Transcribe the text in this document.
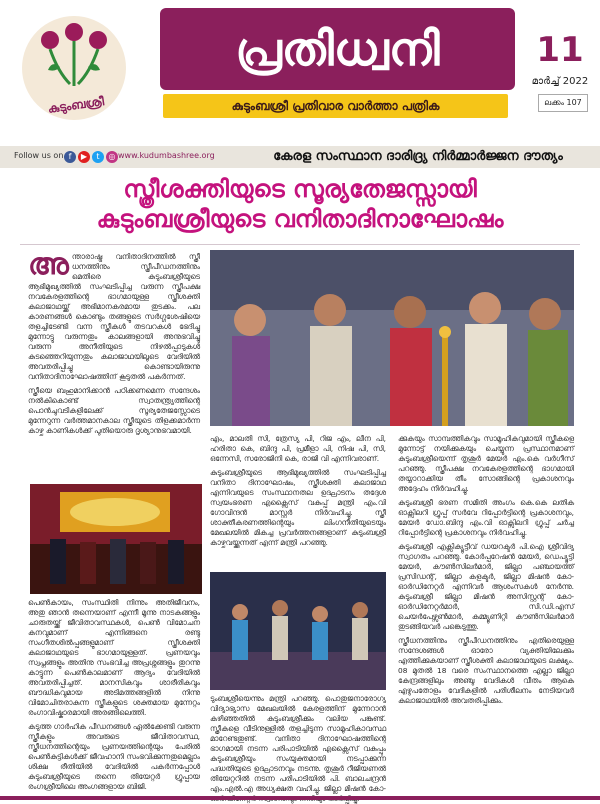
കുടുംബശ്രീ
പ്രതിധ്വനി
കുടുംബശ്രീ പ്രതിവാര വാർത്താ പത്രിക
11
മാർച്ച് 2022
ലക്കം 107
Follow us on f	▶	t	◎ www.kudumbashree.org	കേരള സംസ്ഥാന ദാരിദ്ര്യ നിർമ്മാർജ്ജന ദൗത്യം
സ്ത്രീശക്തിയുടെ സൂര്യതേജസ്സായി
കുടുംബശ്രീയുടെ വനിതാദിനാഘോഷം
അ ന്താരാഷ്ട്ര വനിതാദിനത്തിൽ സ്ത്രീ ധനത്തിനും സ്ത്രീപീഡനത്തിനും മെതിരെ കുടുംബശ്രീയുടെ ആഭിമുഖ്യത്തിൽ സംഘടിപ്പിച്ച വരുന്ന സ്ത്രീപക്ഷ നവകേരളത്തിന്റെ ഭാഗമായുള്ള സ്ത്രീശക്തി കലാജാഥയ്ക്ക് അഭിമാനകരമായ തുടക്കം. പല കാരണങ്ങൾ കൊണ്ടും തങ്ങളുടെ സർഗ്ഗശേഷിയെ തളച്ചിടേണ്ടി വന്ന സ്ത്രീകൾ തടവറകൾ ഭേദിച്ചു മുന്നോട്ടു വരുന്നതും കാലങ്ങളായി അനുഭവിച്ചു വരുന്ന അനീതിയുടെ നിഴൽപ്പാടുകൾ കുടഞ്ഞെറിയുന്നതും കലാജാഥയിലൂടെ വേദിയിൽ അവതരിപ്പിച്ചു കൊണ്ടായിരുന്നു വനിതാദിനാഘോഷത്തിന് കൂടുതൽ പകർന്നത്.

സ്ത്രീയെ ബഹുമാനിക്കാൻ പഠിക്കണമെന്ന സന്ദേശം നൽകികൊണ്ട് സ്വാതന്ത്ര്യത്തിന്റെ പൊൻചുവടികളിലേക്ക് സൂര്യതേജസ്സോടെ മുന്നേറുന്ന വർത്തമാനകാല സ്ത്രീയുടെ തിളക്കമാർന്ന കാഴ്ച കാണികൾക്ക് പുതിയൊരു ദൃശ്യാനുഭവമായി.

പെൺകായം, സംസ്ഥിതി നിന്നും അതിജീവനം, അതു ഞാൻ തന്നെയാണ് എന്നീ മൂന്നു നാടകങ്ങളും ചാരുതയ്ക്ക് ജീവിതാവസ്ഥകൾ, പെൺ വിമോചന കനവുമാണ് എന്നിങ്ങനെ രണ്ടു സംഗീതശിൽപ്പങ്ങളുമാണ് സ്ത്രീശക്തി കലാജാഥയുടെ ഭാഗമായുള്ളത്. പ്രണയവും സ്വപ്നങ്ങളും അതിനു സംഭവിച്ച അപ്രശ്നങ്ങളും തുറന്നു കാട്ടുന്ന പെൺകാലമാണ് ആദ്യം വേദിയിൽ അവതരിപ്പിച്ചത്. മാനസികവും ശാരീരികവും ബൗദ്ധികവുമായ അടിമത്തങ്ങളിൽ നിന്നു വിമോചിതരാകുന്ന സ്ത്രീകളുടെ ശക്തമായ മുന്നേറ്റം രംഗാവിഷ്കാരമായി അരങ്ങിലെത്തി.

കടുത്ത ഗാർഹിക പീഡനങ്ങൾ ഏൽക്കേണ്ടി വരുന്ന സ്ത്രീകളും അവരുടെ ജീവിതാവസ്ഥ, സ്ത്രീധനത്തിന്റെയും പ്രണയത്തിന്റെയും പേരിൽ പെൺകുട്ടികൾക്ക് ജീവഹാനി സംഭവിക്കുന്നതുമെല്ലാം ശിക്ഷ രീതിയിൽ വേദിയിൽ പകർന്നപ്പോൾ കുടുംബശ്രീയുടെ തന്നെ തിയേറ്റർ ഗ്രൂപ്പായ രംഗശ്രീയിലെ അംഗങ്ങളായ ബിജി.

എം, മാലതി സി, ത്രേസ്യ പി, റിജ എം, ലീന പി, ഹരിതാ കെ, ബിന്ദു പി, പ്രമീളാ പി, നിഷ പി, സി, ഒന്നേസി, സരോജിനി കെ, രാജി വി എന്നിവരാണ്.

കുടുംബശ്രീയുടെ ആഭിമുഖ്യത്തിൽ സംഘടിപ്പിച്ച വനിതാ ദിനാഘോഷം, സ്ത്രീശക്തി കലാജാഥ എന്നിവയുടെ സംസ്ഥാനതല ഉദ്ഘാടനം തദ്ദേശ സ്വയംഭരണ എക്സൈസ് വകുപ്പ് മന്ത്രി എം.വി ഗോവിന്ദൻ മാസ്റ്റർ നിർവഹിച്ചു. സ്ത്രീ ശാക്തീകരണത്തിന്റെയും ലിംഗനീതിയുടെയും മേഖലയിൽ മികച്ച പ്രവർത്തനങ്ങളാണ് കുടുംബശ്രീ കാഴ്ചവയ്ക്കുന്നത് എന്ന് മന്ത്രി പറഞ്ഞു.

ടുംബശ്രീയെന്നും മന്ത്രി പറഞ്ഞു. പൊതുജനാരോഗ്യ വിദ്യാഭ്യാസ മേഖലയിൽ കേരളത്തിന് മുന്നേറാൻ കഴിഞ്ഞതിൽ കുടുംബശ്രീക്കും വലിയ പങ്കുണ്ട്. സ്ത്രീകളെ വീടിനുള്ളിൽ തളച്ചിടുന്ന സാമൂഹികാവസ്ഥ മാറേണ്ടതുണ്ട്. വനിതാ ദിനാഘോഷത്തിന്റെ ഭാഗമായി നടന്ന പരിപാടിയിൽ എക്സൈസ് വകുപ്പും കുടുംബശ്രീയും സംയുക്തമായി നടപ്പാക്കുന്ന പദ്ധതിയുടെ ഉദ്ഘാടനവും നടന്നു. തൃശൂർ റീജിയണൽ തിയേറ്ററിൽ നടന്ന പരിപാടിയിൽ പി. ബാലചന്ദ്രൻ എം.എൽ.എ അധ്യക്ഷത വഹിച്ചു. ജില്ലാ മിഷൻ കോ-
ക്കുകയും സാമ്പത്തികവും സാമൂഹികവുമായി സ്ത്രീകളെ മുന്നോട്ട് നയിക്കുകയും ചെയ്യുന്ന പ്രസ്ഥാനമാണ് കുടുംബശ്രീയെന്ന് തൃശൂർ മേയർ എം.കെ വർഗീസ് പറഞ്ഞു. സ്ത്രീപക്ഷ നവകേരളത്തിന്റെ ഭാഗമായി തയ്യാറാക്കിയ തീം സോങ്ങിന്റെ പ്രകാശനവും അദ്ദേഹം നിർവഹിച്ചു.

കുടുംബശ്രീ ഭരണ സമിതി അംഗം കെ.കെ ലതിക ഓക്സിലറി ഗ്രൂപ്പ് സർവേ റിപ്പോർട്ടിന്റെ പ്രകാശനവും, മേയർ ഡോ.ബിന്ദു എം.വി ഓക്സിലറി ഗ്രൂപ്പ് ചർച്ച റിപ്പോർട്ടിന്റെ പ്രകാശനവും നിർവഹിച്ചു.

കുടുംബശ്രീ എക്സിക്യൂട്ടീവ് ഡയറക്ടർ പി.ഐ ശ്രീവിദ്യ സ്വാഗതം പറഞ്ഞു. കോർപ്പറേഷൻ മേയർ, ഡെപ്യൂട്ടി മേയർ, കൗൺസിലർമാർ, ജില്ലാ പഞ്ചായത്ത് പ്രസിഡന്റ്, ജില്ലാ കളക്ടർ, ജില്ലാ മിഷൻ കോ-ഓർഡിനേറ്റർ എന്നിവർ ആശംസകൾ നേർന്നു. കുടുംബശ്രീ ജില്ലാ മിഷൻ അസിസ്റ്റന്റ് കോ-ഓർഡിനേറ്റർമാർ, സി.ഡി.എസ് ചെയർപേഴ്സൺമാർ, കമ്മ്യൂണിറ്റി കൗൺസിലർമാർ തുടങ്ങിയവർ പങ്കെടുത്തു.

സ്ത്രീധനത്തിനും സ്ത്രീപീഡനത്തിനും എതിരെയുള്ള സന്ദേശങ്ങൾ ഓരോ വ്യക്തിയിലേക്കും എത്തിക്കുകയാണ് സ്ത്രീശക്തി കലാജാഥയുടെ ലക്ഷ്യം. 08 മുതൽ 18 വരെ സംസ്ഥാനത്തെ എല്ലാ ജില്ലാ കേന്ദ്രങ്ങളിലും അഞ്ചു വേദികൾ വീതം ആകെ എഴുപതോളം വേദികളിൽ പരിശീലനം നേടിയവർ കലാജാഥയിൽ അവതരിപ്പിക്കും.
